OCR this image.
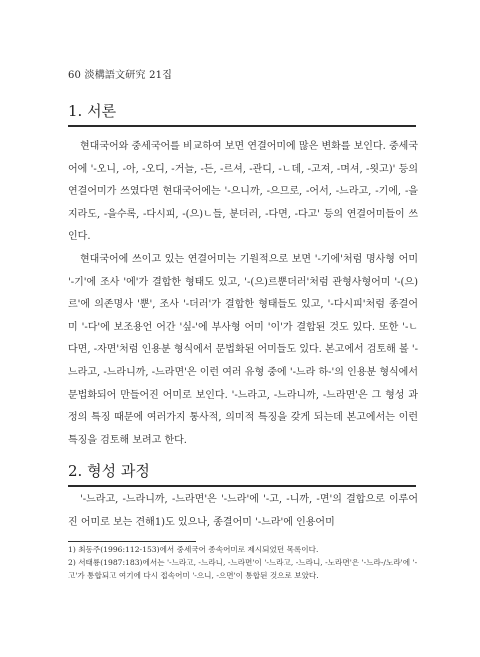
60 淡構語文研究 21집
1. 서론

현대국어와 중세국어를 비교하여 보면 연결어미에 많은 변화를 보인다. 중세국어에 '-오니, -아, -오디, -거늘, -든, -르셔, -관디, -ㄴ데, -고져, -며셔, -읫고)' 등의 연결어미가 쓰였다면 현대국어에는 '-으니까, -으므로, -어서, -느라고, -기에, -을지라도, -을수록, -다시피, -(으)ㄴ들, 분더러, -다면, -다고' 등의 연결어미들이 쓰인다.

현대국어에 쓰이고 있는 연결어미는 기원적으로 보면 '-기에'처럼 명사형 어미 '-기'에 조사 '에'가 결합한 형태도 있고, '-(으)르뿐더러'처럼 관형사형어미 '-(으)르'에 의존명사 '뿐', 조사 '-더러'가 결합한 형태들도 있고, '-다시피'처럼 종결어미 '-다'에 보조용언 어간 '싶-'에 부사형 어미 '이'가 결합된 것도 있다. 또한 '-ㄴ다면, -자면'처럼 인용분 형식에서 문법화된 어미들도 있다. 본고에서 검토해 볼 '-느라고, -느라니까, -느라면'은 이런 여러 유형 중에 '-느라 하-'의 인용분 형식에서 문법화되어 만들어진 어미로 보인다. '-느라고, -느라니까, -느라면'은 그 형성 과정의 특징 때문에 여러가지 통사적, 의미적 특징을 갖게 되는데 본고에서는 이런 특징을 검토해 보려고 한다.

2. 형성 과정

'-느라고, -느라니까, -느라면'은 '-느라'에 '-고, -니까, -면'의 결합으로 이루어진 어미로 보는 견해1)도 있으나, 종결어미 '-느라'에 인용어미

1) 최동주(1996:112-153)에서 중세국어 종속어미로 제시되었던 목록이다.

2) 서태룡(1987:183)에서는 '-느라고, -느라니, -느라면'이 '-느라고, -느라니, -노라면'은 '-느라-/노라'에 '-고'가 통합되고 여기에 다시 접속어미 '-으니, -으면'이 통합된 것으로 보았다.
